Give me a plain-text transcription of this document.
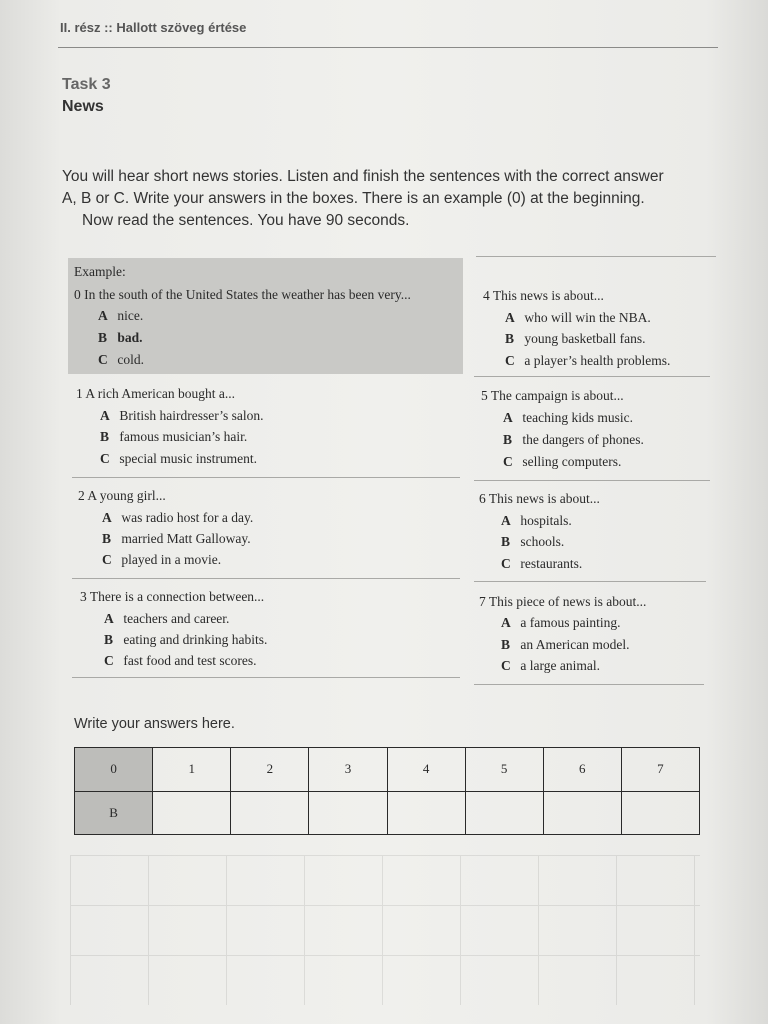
II. rész :: Hallott szöveg értése
Task 3
News
You will hear short news stories. Listen and finish the sentences with the correct answer
A, B or C. Write your answers in the boxes. There is an example (0) at the beginning.
Now read the sentences. You have 90 seconds.
Example:
0 In the south of the United States the weather has been very...
A nice.
B bad.
C cold.
1 A rich American bought a...
A British hairdresser’s salon.
B famous musician’s hair.
C special music instrument.
2 A young girl...
A was radio host for a day.
B married Matt Galloway.
C played in a movie.
3 There is a connection between...
A teachers and career.
B eating and drinking habits.
C fast food and test scores.
4 This news is about...
A who will win the NBA.
B young basketball fans.
C a player’s health problems.
5 The campaign is about...
A teaching kids music.
B the dangers of phones.
C selling computers.
6 This news is about...
A hospitals.
B schools.
C restaurants.
7 This piece of news is about...
A a famous painting.
B an American model.
C a large animal.
Write your answers here.
0	1	2	3	4	5	6	7
B							
